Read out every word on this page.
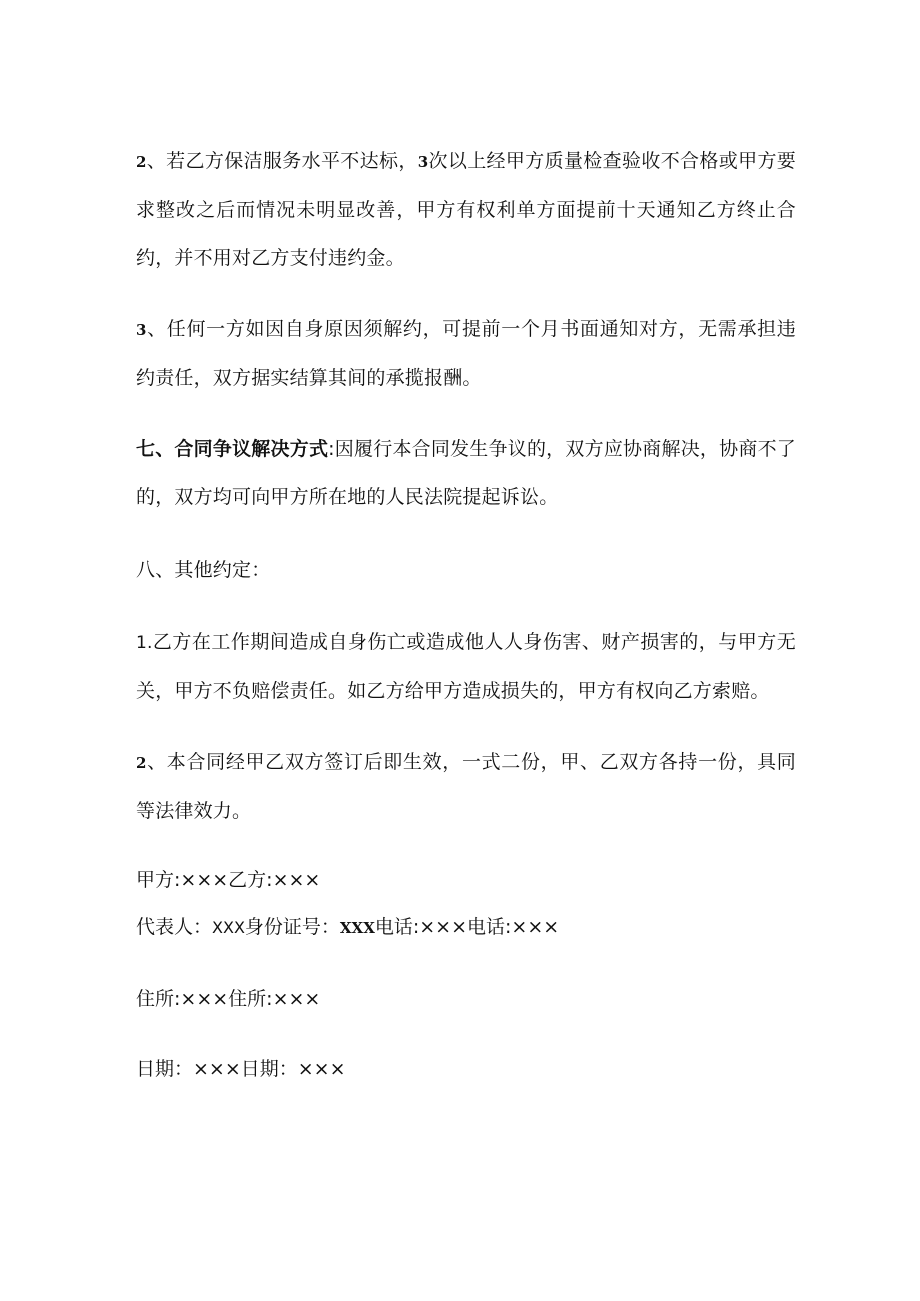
2、若乙方保洁服务水平不达标，3次以上经甲方质量检查验收不合格或甲方要求整改之后而情况未明显改善，甲方有权利单方面提前十天通知乙方终止合约，并不用对乙方支付违约金。

3、任何一方如因自身原因须解约，可提前一个月书面通知对方，无需承担违约责任，双方据实结算其间的承揽报酬。

七、合同争议解决方式:因履行本合同发生争议的，双方应协商解决，协商不了的，双方均可向甲方所在地的人民法院提起诉讼。

八、其他约定：

1.乙方在工作期间造成自身伤亡或造成他人人身伤害、财产损害的，与甲方无关，甲方不负赔偿责任。如乙方给甲方造成损失的，甲方有权向乙方索赔。

2、本合同经甲乙双方签订后即生效，一式二份，甲、乙双方各持一份，具同等法律效力。

甲方:×××乙方:×××

代表人：XXX身份证号：XXX电话:×××电话:×××

住所:×××住所:×××

日期：×××日期：×××
